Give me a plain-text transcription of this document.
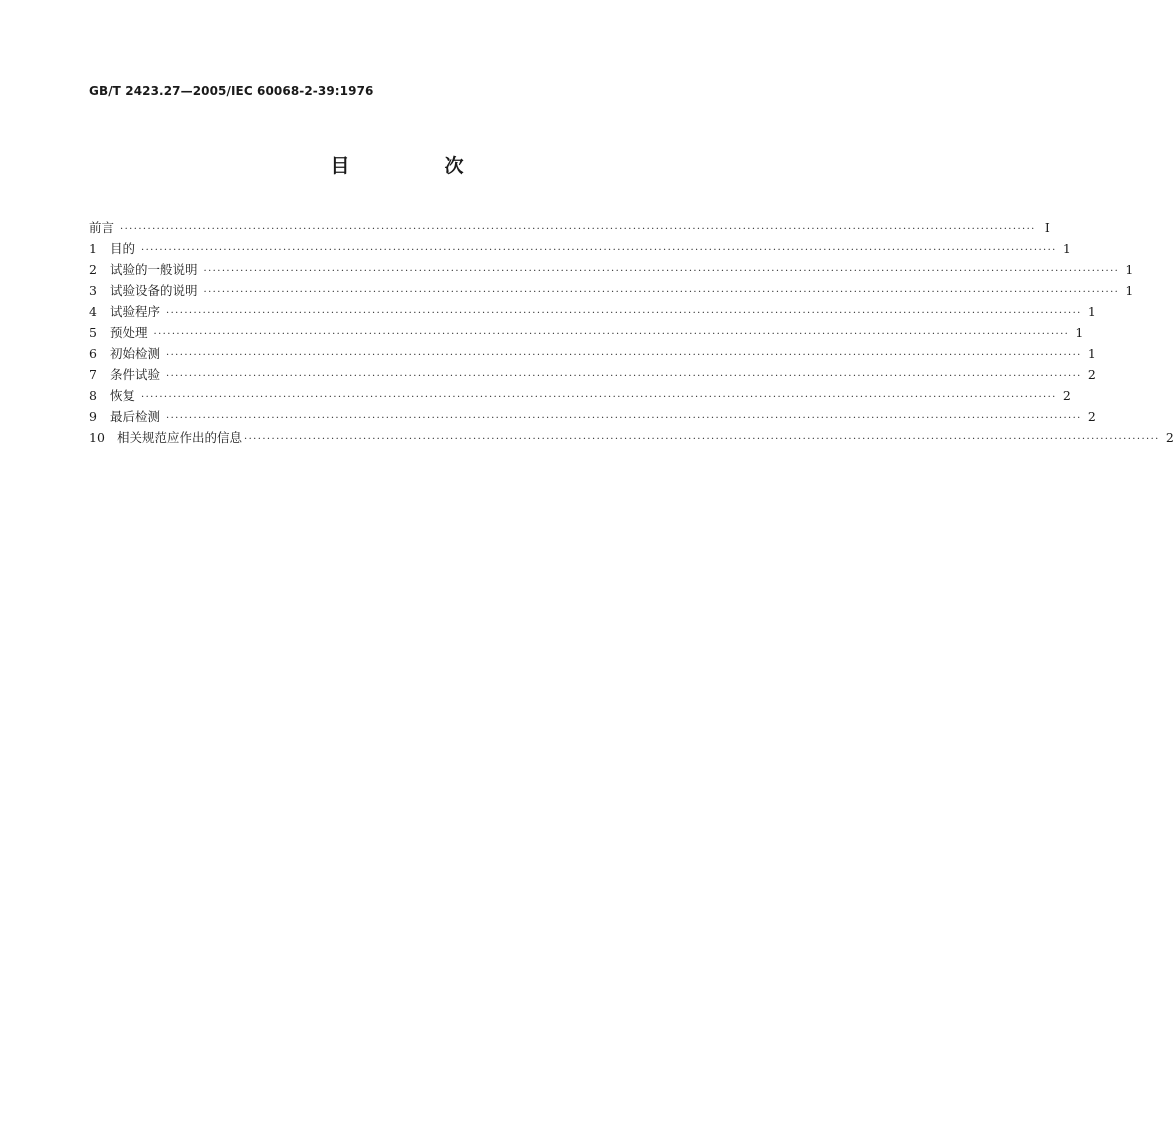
GB/T 2423.27—2005/IEC 60068-2-39:1976
目　次
前言 ········································································································································································································ I
1	目的 ········································································································································································································ 1
2	试验的一般说明 ········································································································································································································ 1
3	试验设备的说明 ········································································································································································································ 1
4	试验程序 ········································································································································································································ 1
5	预处理 ········································································································································································································ 1
6	初始检测 ········································································································································································································ 1
7	条件试验 ········································································································································································································ 2
8	恢复 ········································································································································································································ 2
9	最后检测 ········································································································································································································ 2
10 相关规范应作出的信息 ········································································································································································································ 2
